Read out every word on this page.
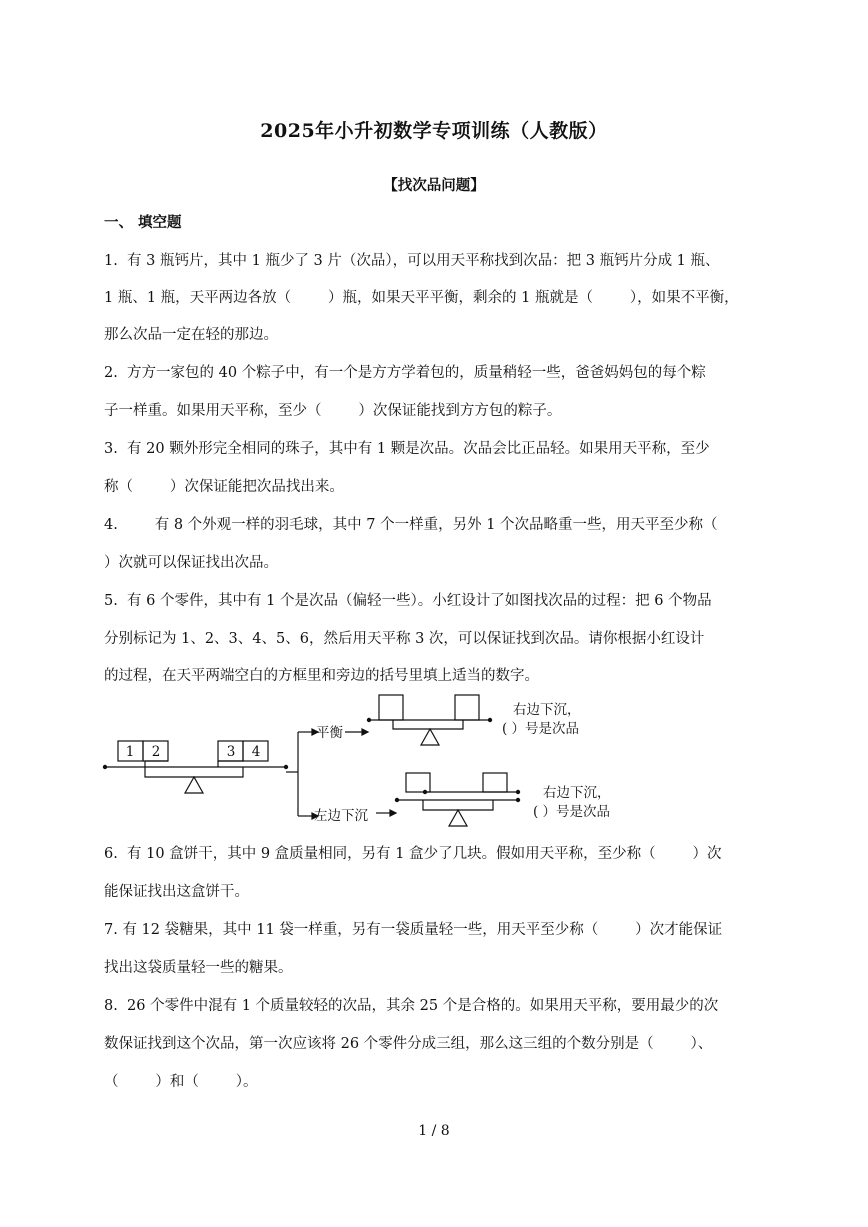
2025年小升初数学专项训练（人教版）
【找次品问题】
一、 填空题
1.  有 3 瓶钙片，其中 1 瓶少了 3 片（次品），可以用天平称找到次品：把 3 瓶钙片分成 1 瓶、
1 瓶、1 瓶，天平两边各放（        ）瓶，如果天平平衡，剩余的 1 瓶就是（        ），如果不平衡，
那么次品一定在轻的那边。
2.  方方一家包的 40 个粽子中，有一个是方方学着包的，质量稍轻一些，爸爸妈妈包的每个粽
子一样重。如果用天平称，至少（        ）次保证能找到方方包的粽子。
3.  有 20 颗外形完全相同的珠子，其中有 1 颗是次品。次品会比正品轻。如果用天平称，至少
称（        ）次保证能把次品找出来。
4.        有 8 个外观一样的羽毛球，其中 7 个一样重，另外 1 个次品略重一些，用天平至少称（
）次就可以保证找出次品。
5.  有 6 个零件，其中有 1 个是次品（偏轻一些）。小红设计了如图找次品的过程：把 6 个物品
分别标记为 1、2、3、4、5、6，然后用天平称 3 次，可以保证找到次品。请你根据小红设计
的过程，在天平两端空白的方框里和旁边的括号里填上适当的数字。
1 2	3 4
平衡
左边下沉
右边下沉，
( ）号是次品
右边下沉，
( ）号是次品
6.  有 10 盒饼干，其中 9 盒质量相同，另有 1 盒少了几块。假如用天平称，至少称（        ）次
能保证找出这盒饼干。
7. 有 12 袋糖果，其中 11 袋一样重，另有一袋质量轻一些，用天平至少称（        ）次才能保证
找出这袋质量轻一些的糖果。
8.  26 个零件中混有 1 个质量较轻的次品，其余 25 个是合格的。如果用天平称，要用最少的次
数保证找到这个次品，第一次应该将 26 个零件分成三组，那么这三组的个数分别是（        ）、
（        ）和（        ）。
1 / 8
